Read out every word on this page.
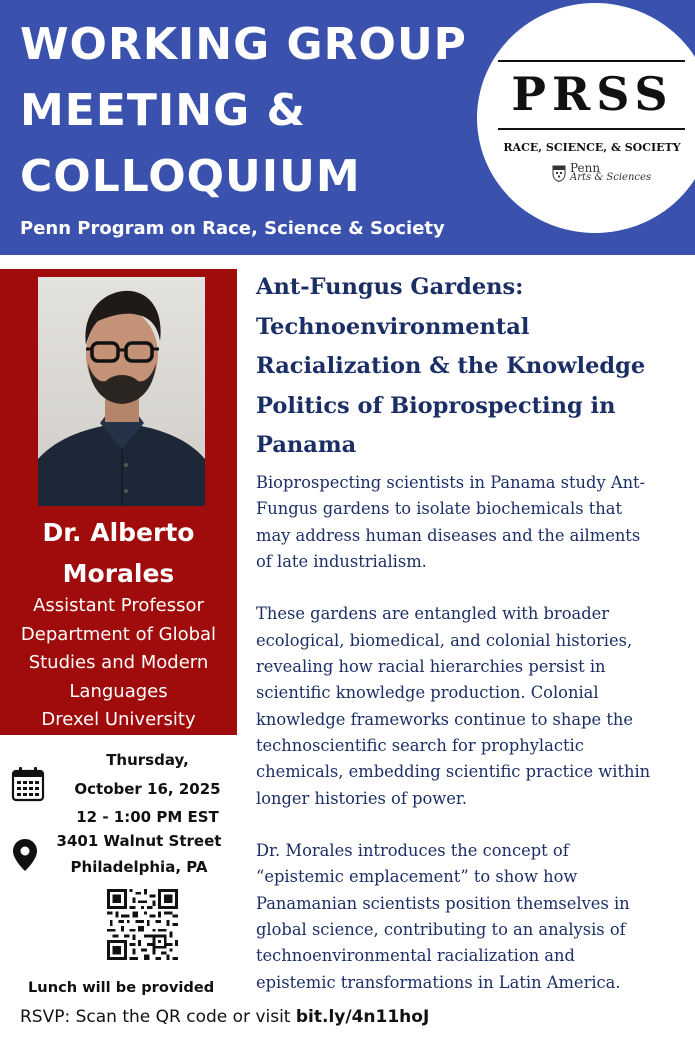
WORKING GROUP
MEETING &
COLLOQUIUM
Penn Program on Race, Science & Society
PRSS
RACE, SCIENCE, & SOCIETY
Penn
Arts & Sciences
Dr. Alberto
Morales
Assistant Professor
Department of Global
Studies and Modern
Languages
Drexel University
Ant-Fungus Gardens:
Technoenvironmental
Racialization & the Knowledge
Politics of Bioprospecting in
Panama

Bioprospecting scientists in Panama study Ant-
Fungus gardens to isolate biochemicals that
may address human diseases and the ailments
of late industrialism.

These gardens are entangled with broader
ecological, biomedical, and colonial histories,
revealing how racial hierarchies persist in
scientific knowledge production. Colonial
knowledge frameworks continue to shape the
technoscientific search for prophylactic
chemicals, embedding scientific practice within
longer histories of power.

Dr. Morales introduces the concept of
“epistemic emplacement” to show how
Panamanian scientists position themselves in
global science, contributing to an analysis of
technoenvironmental racialization and
epistemic transformations in Latin America.

Thursday,
October 16, 2025
12 - 1:00 PM EST
3401 Walnut Street
Philadelphia, PA
Lunch will be provided
RSVP: Scan the QR code or visit bit.ly/4n11hoJ
